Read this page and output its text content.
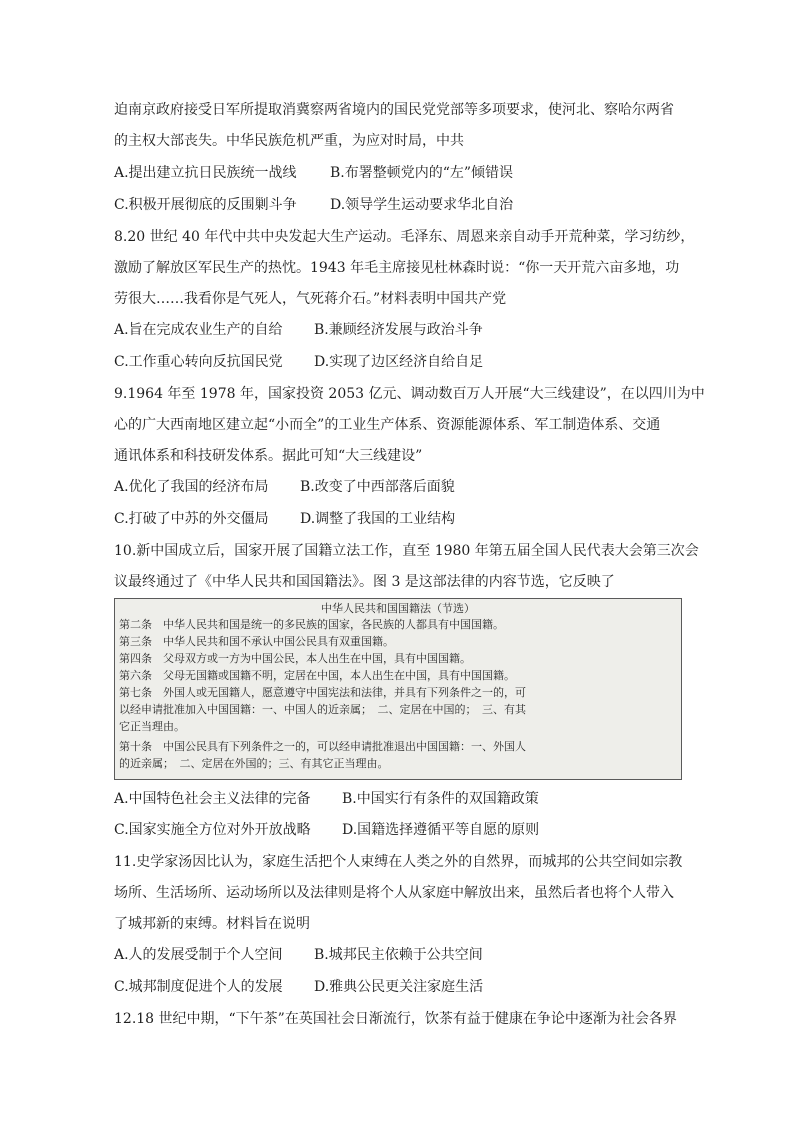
迫南京政府接受日军所提取消冀察两省境内的国民党党部等多项要求，使河北、察哈尔两省
的主权大部丧失。中华民族危机严重，为应对时局，中共
A.提出建立抗日民族统一战线 B.布署整顿党内的“左”倾错误
C.积极开展彻底的反围剿斗争 D.领导学生运动要求华北自治
8.20 世纪 40 年代中共中央发起大生产运动。毛泽东、周恩来亲自动手开荒种菜，学习纺纱，
激励了解放区军民生产的热忱。1943 年毛主席接见杜林森时说：“你一天开荒六亩多地，功
劳很大……我看你是气死人，气死蒋介石。”材料表明中国共产党
A.旨在完成农业生产的自给 B.兼顾经济发展与政治斗争
C.工作重心转向反抗国民党 D.实现了边区经济自给自足
9.1964 年至 1978 年，国家投资 2053 亿元、调动数百万人开展“大三线建设”，在以四川为中
心的广大西南地区建立起“小而全”的工业生产体系、资源能源体系、军工制造体系、交通
通讯体系和科技研发体系。据此可知“大三线建设”
A.优化了我国的经济布局 B.改变了中西部落后面貌
C.打破了中苏的外交僵局 D.调整了我国的工业结构
10.新中国成立后，国家开展了国籍立法工作，直至 1980 年第五届全国人民代表大会第三次会
议最终通过了《中华人民共和国国籍法》。图 3 是这部法律的内容节选，它反映了
中华人民共和国国籍法（节选）
第二条　中华人民共和国是统一的多民族的国家，各民族的人都具有中国国籍。
第三条　中华人民共和国不承认中国公民具有双重国籍。
第四条　父母双方或一方为中国公民，本人出生在中国，具有中国国籍。
第六条　父母无国籍或国籍不明，定居在中国，本人出生在中国，具有中国国籍。
第七条　外国人或无国籍人，愿意遵守中国宪法和法律，并具有下列条件之一的，可
以经申请批准加入中国国籍：一、中国人的近亲属；　二、定居在中国的；　三、有其
它正当理由。
第十条　中国公民具有下列条件之一的，可以经申请批准退出中国国籍：一、外国人
的近亲属；　二、定居在外国的；三、有其它正当理由。
A.中国特色社会主义法律的完备 B.中国实行有条件的双国籍政策
C.国家实施全方位对外开放战略 D.国籍选择遵循平等自愿的原则
11.史学家汤因比认为，家庭生活把个人束缚在人类之外的自然界，而城邦的公共空间如宗教
场所、生活场所、运动场所以及法律则是将个人从家庭中解放出来，虽然后者也将个人带入
了城邦新的束缚。材料旨在说明
A.人的发展受制于个人空间 B.城邦民主依赖于公共空间
C.城邦制度促进个人的发展 D.雅典公民更关注家庭生活
12.18 世纪中期，“下午茶”在英国社会日渐流行，饮茶有益于健康在争论中逐渐为社会各界
